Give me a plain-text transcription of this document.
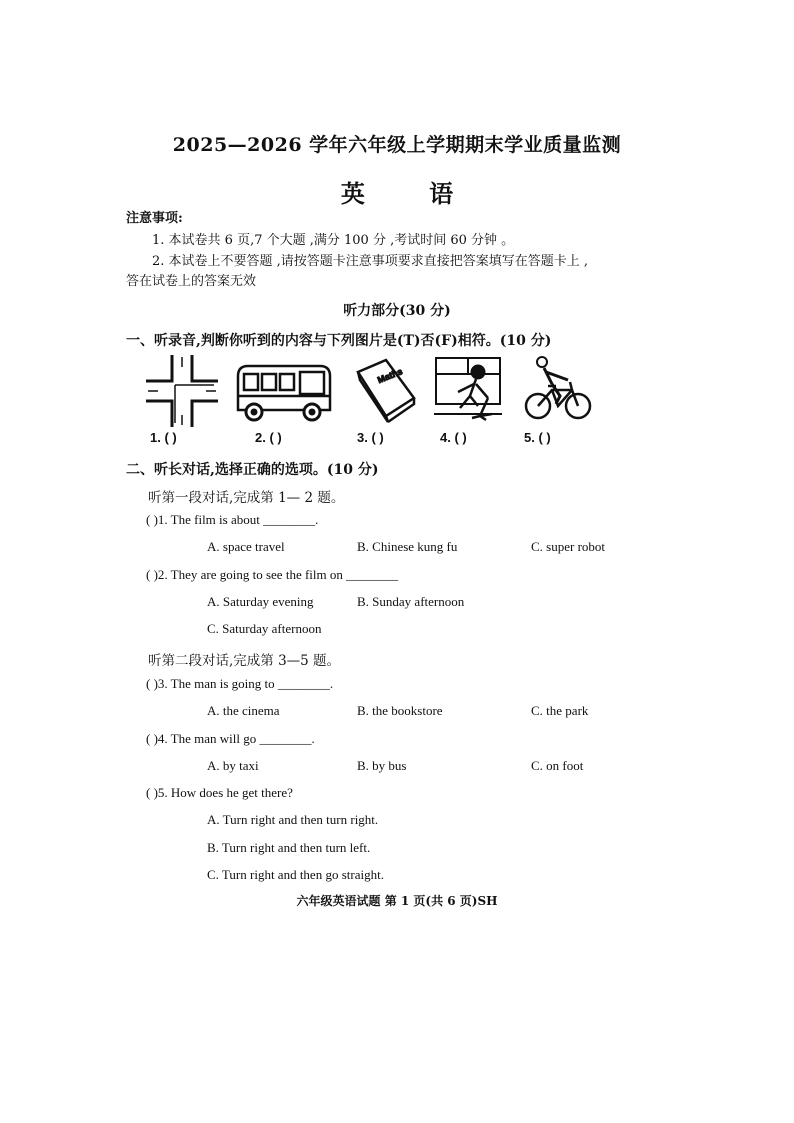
2025—2026 学年六年级上学期期末学业质量监测
英 语
注意事项:
1. 本试卷共 6 页,7 个大题 ,满分 100 分 ,考试时间 60 分钟 。
2. 本试卷上不要答题 ,请按答题卡注意事项要求直接把答案填写在答题卡上 ,
答在试卷上的答案无效
听力部分(30 分)
一、听录音,判断你听到的内容与下列图片是(T)否(F)相符。(10 分)
Maths
1. ( )	2. ( )	3. ( )	4. ( )	5. ( )
二、听长对话,选择正确的选项。(10 分)
听第一段对话,完成第 1— 2 题。
( )1. The film is about ________.
A. space travel	B. Chinese kung fu	C. super robot
( )2. They are going to see the film on ________
A. Saturday evening	B. Sunday afternoon
C. Saturday afternoon
听第二段对话,完成第 3—5 题。
( )3. The man is going to ________.
A. the cinema	B. the bookstore	C. the park
( )4. The man will go ________.
A. by taxi	B. by bus	C. on foot
( )5. How does he get there?
A. Turn right and then turn right.
B. Turn right and then turn left.
C. Turn right and then go straight.
六年级英语试题 第 1 页(共 6 页)SH
